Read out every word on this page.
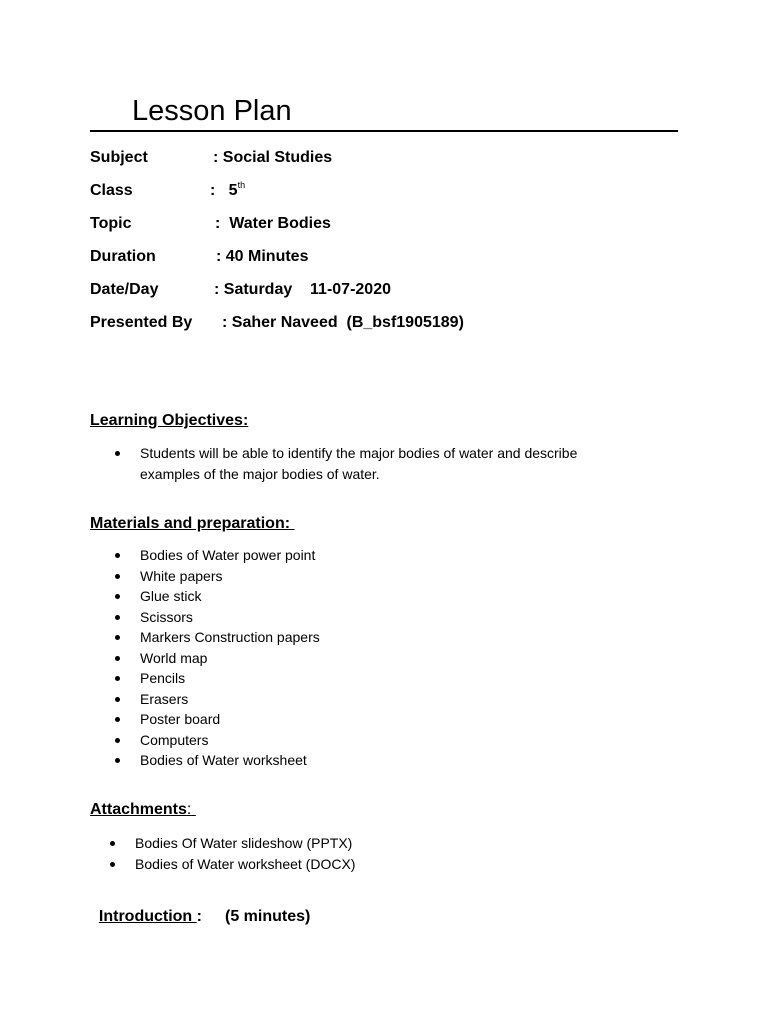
Lesson Plan
Subject	: Social Studies
Class	:   5th
Topic	:  Water Bodies
Duration	: 40 Minutes
Date/Day	: Saturday    11-07-2020
Presented By : Saher Naveed  (B_bsf1905189)
Learning Objectives:
Students will be able to identify the major bodies of water and describe examples of the major bodies of water.
Materials and preparation:
Bodies of Water power point
White papers
Glue stick
Scissors
Markers Construction papers
World map
Pencils
Erasers
Poster board
Computers
Bodies of Water worksheet
Attachments:
Bodies Of Water slideshow (PPTX)
Bodies of Water worksheet (DOCX)

Introduction : (5 minutes)
